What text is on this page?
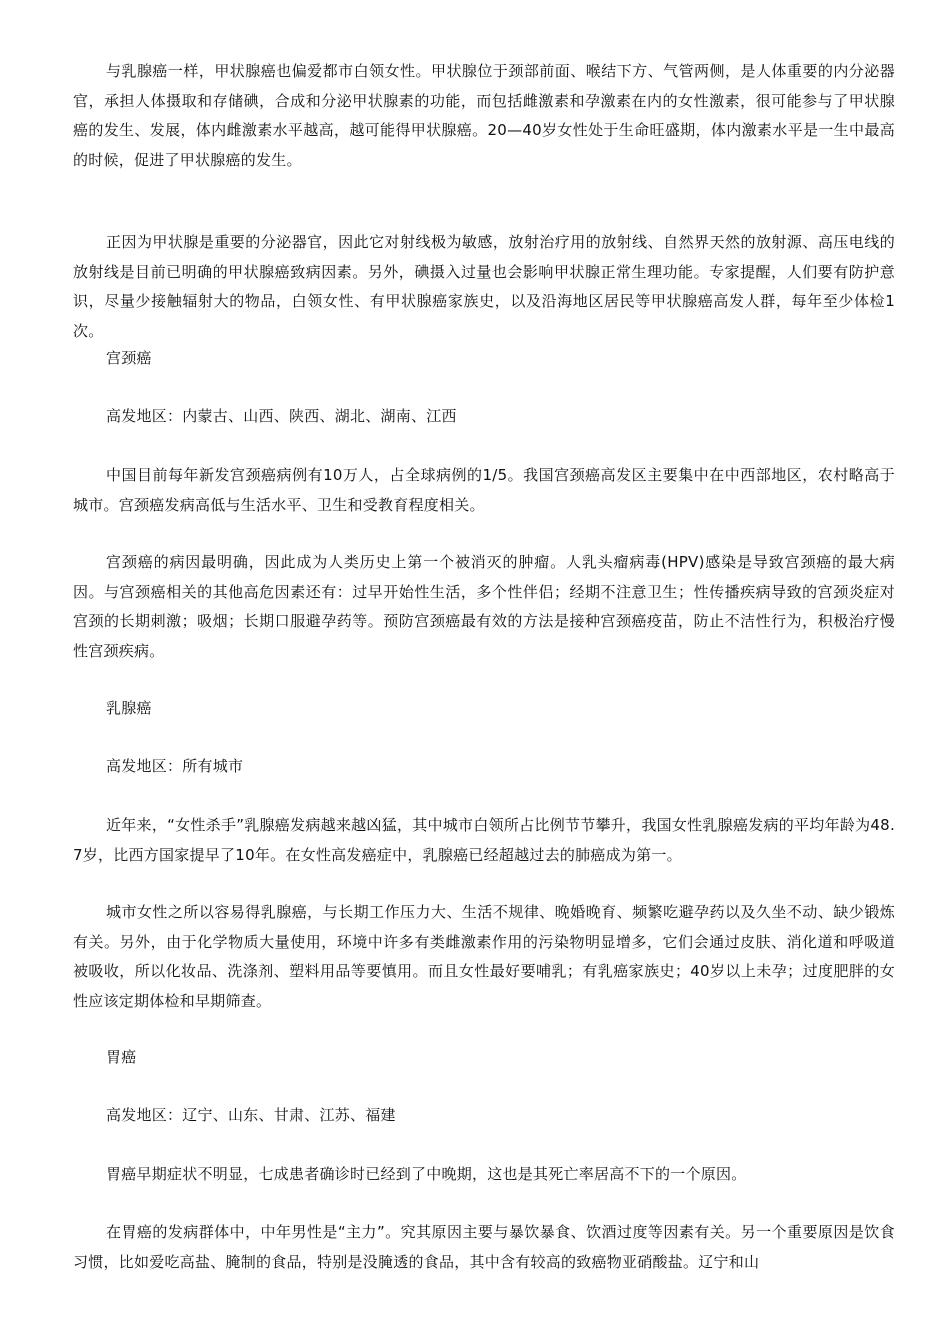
与乳腺癌一样，甲状腺癌也偏爱都市白领女性。甲状腺位于颈部前面、喉结下方、气管两侧，是人体重要的内分泌器官，承担人体摄取和存储碘，合成和分泌甲状腺素的功能，而包括雌激素和孕激素在内的女性激素，很可能参与了甲状腺癌的发生、发展，体内雌激素水平越高，越可能得甲状腺癌。20—40岁女性处于生命旺盛期，体内激素水平是一生中最高的时候，促进了甲状腺癌的发生。

正因为甲状腺是重要的分泌器官，因此它对射线极为敏感，放射治疗用的放射线、自然界天然的放射源、高压电线的放射线是目前已明确的甲状腺癌致病因素。另外，碘摄入过量也会影响甲状腺正常生理功能。专家提醒，人们要有防护意识，尽量少接触辐射大的物品，白领女性、有甲状腺癌家族史，以及沿海地区居民等甲状腺癌高发人群，每年至少体检1次。

宫颈癌

高发地区：内蒙古、山西、陕西、湖北、湖南、江西

中国目前每年新发宫颈癌病例有10万人，占全球病例的1/5。我国宫颈癌高发区主要集中在中西部地区，农村略高于城市。宫颈癌发病高低与生活水平、卫生和受教育程度相关。

宫颈癌的病因最明确，因此成为人类历史上第一个被消灭的肿瘤。人乳头瘤病毒(HPV)感染是导致宫颈癌的最大病因。与宫颈癌相关的其他高危因素还有：过早开始性生活，多个性伴侣；经期不注意卫生；性传播疾病导致的宫颈炎症对宫颈的长期刺激；吸烟；长期口服避孕药等。预防宫颈癌最有效的方法是接种宫颈癌疫苗，防止不洁性行为，积极治疗慢性宫颈疾病。

乳腺癌

高发地区：所有城市

近年来，“女性杀手”乳腺癌发病越来越凶猛，其中城市白领所占比例节节攀升，我国女性乳腺癌发病的平均年龄为48.7岁，比西方国家提早了10年。在女性高发癌症中，乳腺癌已经超越过去的肺癌成为第一。

城市女性之所以容易得乳腺癌，与长期工作压力大、生活不规律、晚婚晚育、频繁吃避孕药以及久坐不动、缺少锻炼有关。另外，由于化学物质大量使用，环境中许多有类雌激素作用的污染物明显增多，它们会通过皮肤、消化道和呼吸道被吸收，所以化妆品、洗涤剂、塑料用品等要慎用。而且女性最好要哺乳；有乳癌家族史；40岁以上未孕；过度肥胖的女性应该定期体检和早期筛查。

胃癌

高发地区：辽宁、山东、甘肃、江苏、福建

胃癌早期症状不明显，七成患者确诊时已经到了中晚期，这也是其死亡率居高不下的一个原因。

在胃癌的发病群体中，中年男性是“主力”。究其原因主要与暴饮暴食、饮酒过度等因素有关。另一个重要原因是饮食习惯，比如爱吃高盐、腌制的食品，特别是没腌透的食品，其中含有较高的致癌物亚硝酸盐。辽宁和山
